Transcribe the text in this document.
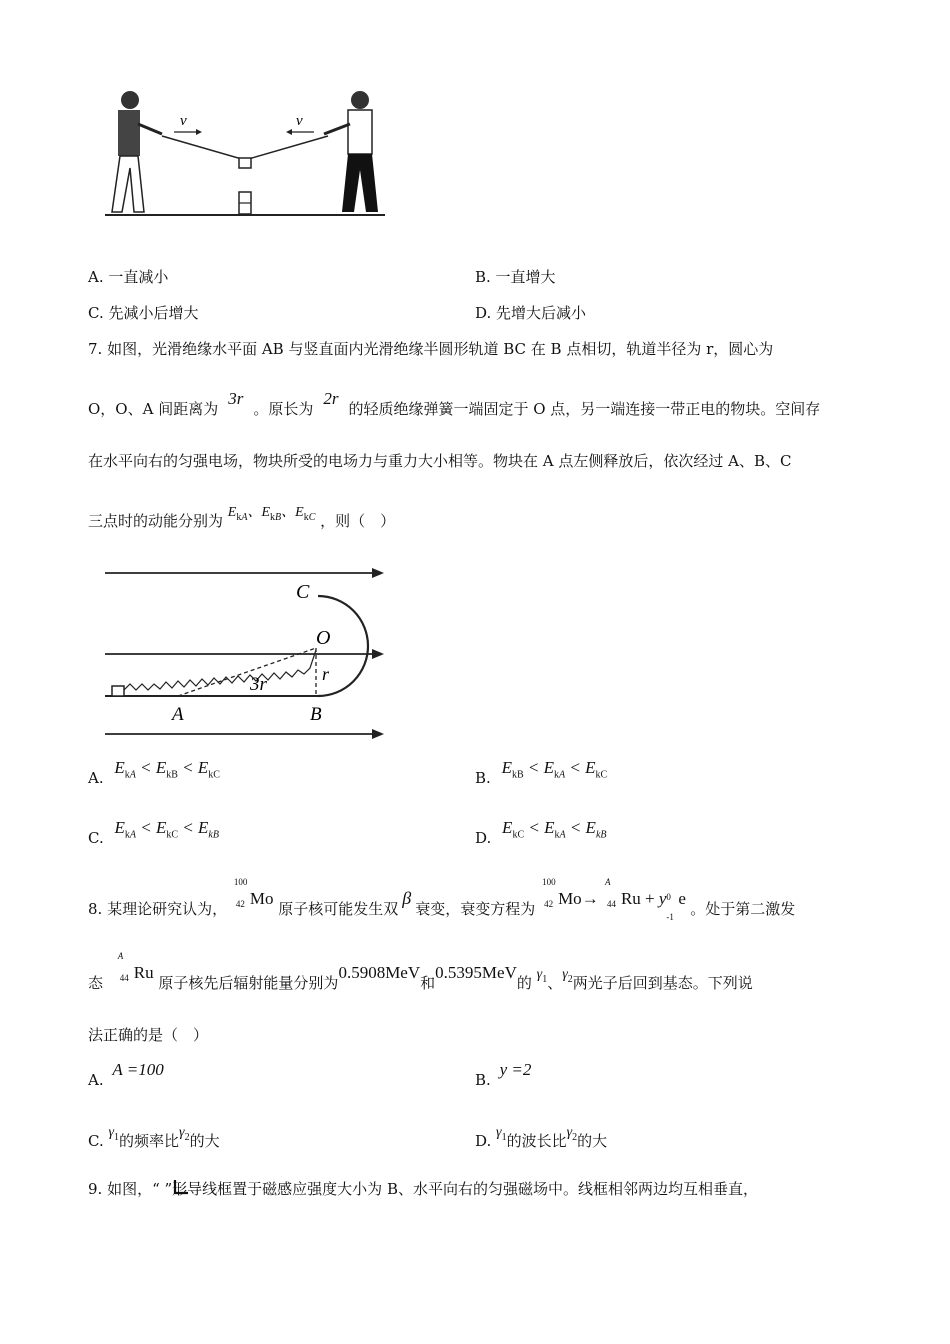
v	v
A. 一直减小	B. 一直增大
C. 先减小后增大	D. 先增大后减小
7. 如图，光滑绝缘水平面 AB 与竖直面内光滑绝缘半圆形轨道 BC 在 B 点相切，轨道半径为 r，圆心为
O，O、A 间距离为3r。原长为2r的轻质绝缘弹簧一端固定于 O 点，另一端连接一带正电的物块。空间存
在水平向右的匀强电场，物块所受的电场力与重力大小相等。物块在 A 点左侧释放后，依次经过 A、B、C
三点时的动能分别为 $E_{kA}$、$E_{kB}$、$E_{kC}$ ，则（　）
C
O
r
3r
A	B
A. $E_{kA} < E_{kB} < E_{kC}$	B. $E_{kB} < E_{kA} < E_{kC}$
C. $E_{kA} < E_{kC} < E_{kB}$	D. $E_{kC} < E_{kA} < E_{kB}$
8. 某理论研究认为，
100
42 Mo 原子核可能发生双β衰变，衰变方程为
100
42 Mo→
A
44 Ru + y 0
-1
e 。处于第二激发
态
A
44 Ru 原子核先后辐射能量分别为0.5908MeV和0.5395MeV的 $\gamma_1$、$\gamma_2$两光子后回到基态。下列说
法正确的是（　）
A. A =100
B. y =2
C. $\gamma_1$的频率比$\gamma_2$的大	D. $\gamma_1$的波长比$\gamma_2$的大
9. 如图，“ ”形导线框置于磁感应强度大小为 B、水平向右的匀强磁场中。线框相邻两边均互相垂直，
